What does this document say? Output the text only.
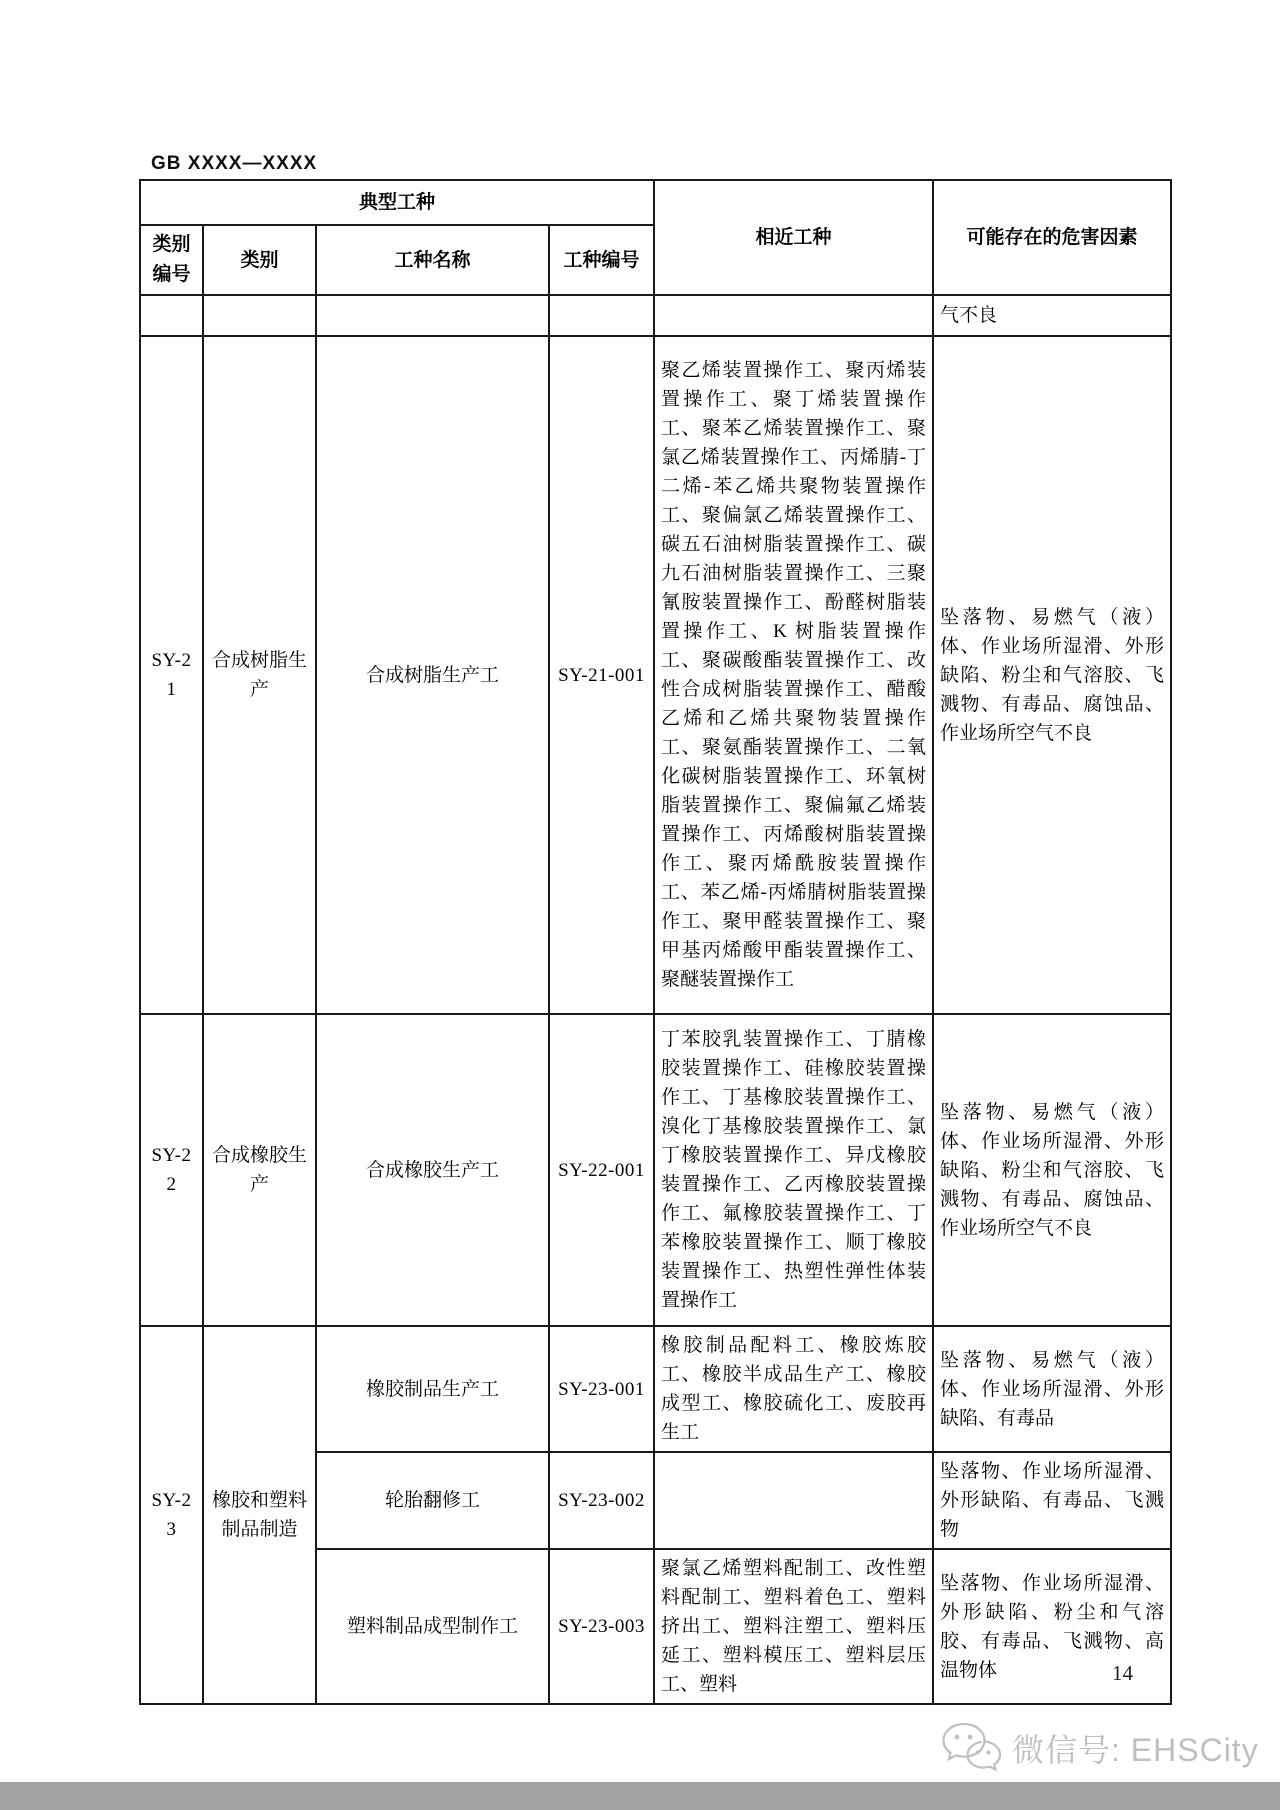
GB XXXX—XXXX
典型工种				相近工种	可能存在的危害因素
类别编号	类别	工种名称	工种编号		
					气不良
SY-21	合成树脂生产	合成树脂生产工	SY-21-001	聚乙烯装置操作工、聚丙烯装置操作工、聚丁烯装置操作工、聚苯乙烯装置操作工、聚氯乙烯装置操作工、丙烯腈-丁二烯-苯乙烯共聚物装置操作工、聚偏氯乙烯装置操作工、碳五石油树脂装置操作工、碳九石油树脂装置操作工、三聚氰胺装置操作工、酚醛树脂装置操作工、K 树脂装置操作工、聚碳酸酯装置操作工、改性合成树脂装置操作工、醋酸乙烯和乙烯共聚物装置操作工、聚氨酯装置操作工、二氧化碳树脂装置操作工、环氧树脂装置操作工、聚偏氟乙烯装置操作工、丙烯酸树脂装置操作工、聚丙烯酰胺装置操作工、苯乙烯-丙烯腈树脂装置操作工、聚甲醛装置操作工、聚甲基丙烯酸甲酯装置操作工、聚醚装置操作工	坠落物、易燃气（液）体、作业场所湿滑、外形缺陷、粉尘和气溶胶、飞溅物、有毒品、腐蚀品、作业场所空气不良
SY-22	合成橡胶生产	合成橡胶生产工	SY-22-001	丁苯胶乳装置操作工、丁腈橡胶装置操作工、硅橡胶装置操作工、丁基橡胶装置操作工、溴化丁基橡胶装置操作工、氯丁橡胶装置操作工、异戊橡胶装置操作工、乙丙橡胶装置操作工、氟橡胶装置操作工、丁苯橡胶装置操作工、顺丁橡胶装置操作工、热塑性弹性体装置操作工	坠落物、易燃气（液）体、作业场所湿滑、外形缺陷、粉尘和气溶胶、飞溅物、有毒品、腐蚀品、作业场所空气不良
SY-23	橡胶和塑料制品制造	橡胶制品生产工	SY-23-001	橡胶制品配料工、橡胶炼胶工、橡胶半成品生产工、橡胶成型工、橡胶硫化工、废胶再生工	坠落物、易燃气（液）体、作业场所湿滑、外形缺陷、有毒品
		轮胎翻修工	SY-23-002		坠落物、作业场所湿滑、外形缺陷、有毒品、飞溅物
		塑料制品成型制作工	SY-23-003	聚氯乙烯塑料配制工、改性塑料配制工、塑料着色工、塑料挤出工、塑料注塑工、塑料压延工、塑料模压工、塑料层压工、塑料	坠落物、作业场所湿滑、外形缺陷、粉尘和气溶胶、有毒品、飞溅物、高温物体	14
微信号: EHSCity
